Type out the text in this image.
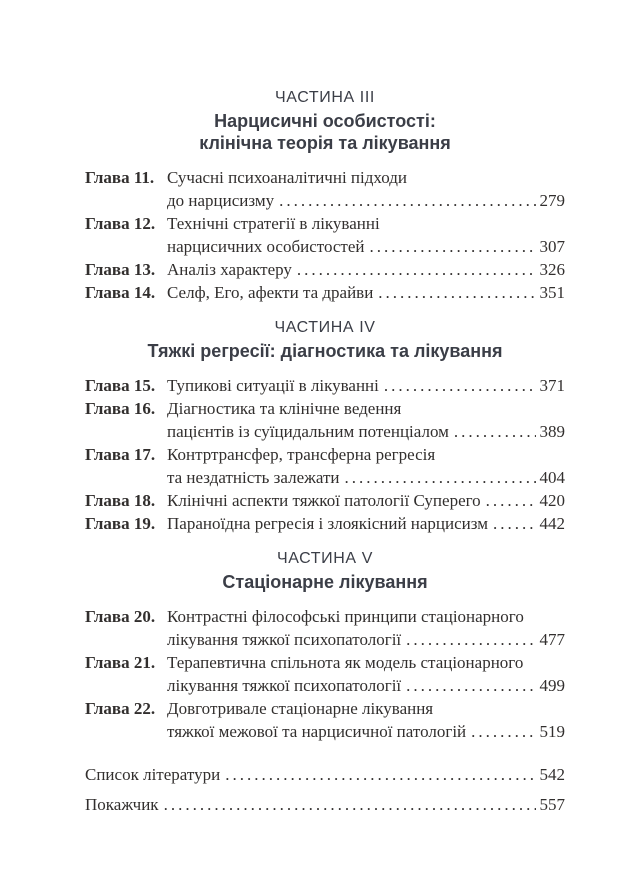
ЧАСТИНА III
Нарцисичні особистості:
клінічна теорія та лікування
Глава 11. Сучасні психоаналітичні підходи
до нарцисизму .....	279
Глава 12. Технічні стратегії в лікуванні
нарцисичних особистостей .....	307
Глава 13. Аналіз характеру .....	326
Глава 14. Селф, Его, афекти та драйви .....	351
ЧАСТИНА IV
Тяжкі регресії: діагностика та лікування
Глава 15. Тупикові ситуації в лікуванні .....	371
Глава 16. Діагностика та клінічне ведення
пацієнтів із суїцидальним потенціалом .....	389
Глава 17. Контртрансфер, трансферна регресія
та нездатність залежати .....	404
Глава 18. Клінічні аспекти тяжкої патології Суперего .....	420
Глава 19. Параноїдна регресія і злоякісний нарцисизм .....	442
ЧАСТИНА V
Стаціонарне лікування
Глава 20. Контрастні філософські принципи стаціонарного
лікування тяжкої психопатології .....	477
Глава 21. Терапевтична спільнота як модель стаціонарного
лікування тяжкої психопатології .....	499
Глава 22. Довготривале стаціонарне лікування
тяжкої межової та нарцисичної патологій .....	519
Список літератури .....	542
Покажчик .....	557
